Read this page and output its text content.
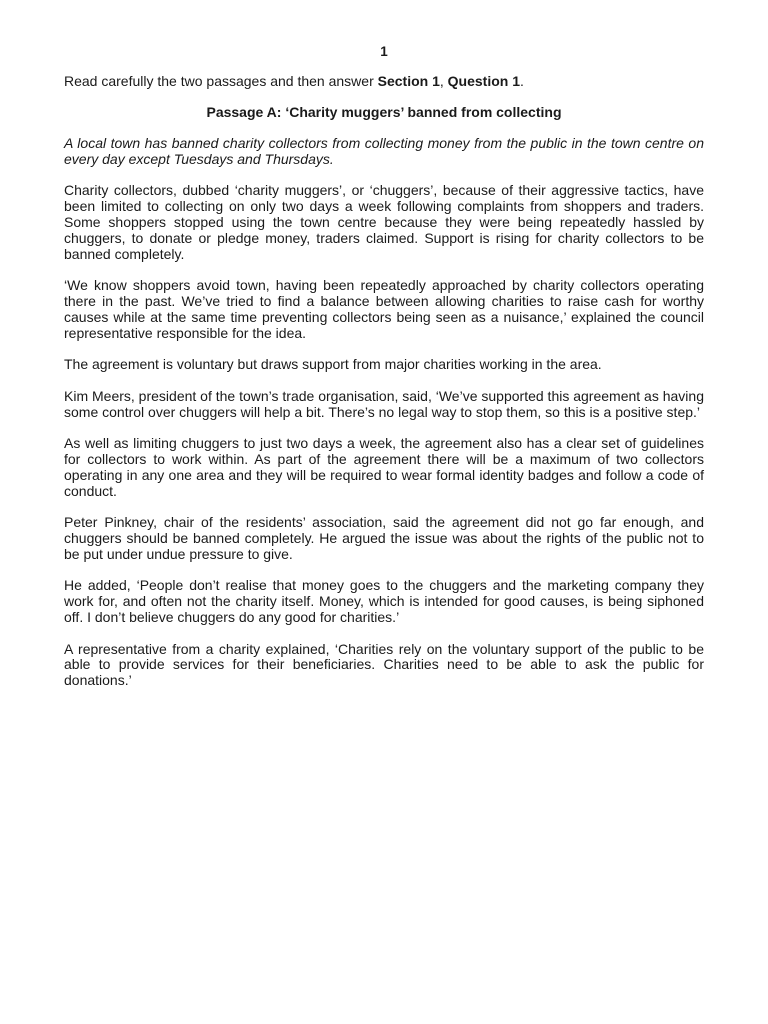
1

Read carefully the two passages and then answer Section 1, Question 1.

Passage A: ‘Charity muggers’ banned from collecting

A local town has banned charity collectors from collecting money from the public in the town centre on every day except Tuesdays and Thursdays.

Charity collectors, dubbed ‘charity muggers’, or ‘chuggers’, because of their aggressive tactics, have been limited to collecting on only two days a week following complaints from shoppers and traders. Some shoppers stopped using the town centre because they were being repeatedly hassled by chuggers, to donate or pledge money, traders claimed. Support is rising for charity collectors to be banned completely.

‘We know shoppers avoid town, having been repeatedly approached by charity collectors operating there in the past. We’ve tried to find a balance between allowing charities to raise cash for worthy causes while at the same time preventing collectors being seen as a nuisance,’ explained the council representative responsible for the idea.

The agreement is voluntary but draws support from major charities working in the area.

Kim Meers, president of the town’s trade organisation, said, ‘We’ve supported this agreement as having some control over chuggers will help a bit. There’s no legal way to stop them, so this is a positive step.’

As well as limiting chuggers to just two days a week, the agreement also has a clear set of guidelines for collectors to work within. As part of the agreement there will be a maximum of two collectors operating in any one area and they will be required to wear formal identity badges and follow a code of conduct.

Peter Pinkney, chair of the residents’ association, said the agreement did not go far enough, and chuggers should be banned completely. He argued the issue was about the rights of the public not to be put under undue pressure to give.

He added, ‘People don’t realise that money goes to the chuggers and the marketing company they work for, and often not the charity itself. Money, which is intended for good causes, is being siphoned off. I don’t believe chuggers do any good for charities.’

A representative from a charity explained, ‘Charities rely on the voluntary support of the public to be able to provide services for their beneficiaries. Charities need to be able to ask the public for donations.’
